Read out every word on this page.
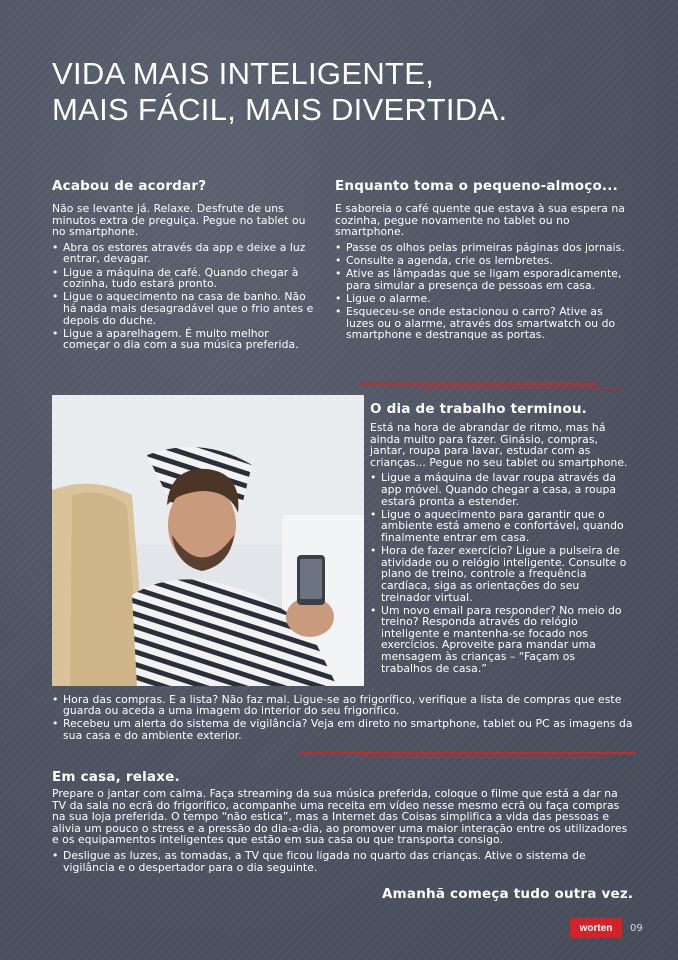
VIDA MAIS INTELIGENTE,
MAIS FÁCIL, MAIS DIVERTIDA.
Acabou de acordar?

Não se levante já. Relaxe. Desfrute de uns minutos extra de preguiça. Pegue no tablet ou no smartphone.

• Abra os estores através da app e deixe a luz entrar, devagar.
• Ligue a máquina de café. Quando chegar à cozinha, tudo estará pronto.
• Ligue o aquecimento na casa de banho. Não há nada mais desagradável que o frio antes e depois do duche.
• Ligue a aparelhagem. É muito melhor começar o dia com a sua música preferida.
Enquanto toma o pequeno-almoço...

E saboreia o café quente que estava à sua espera na cozinha, pegue novamente no tablet ou no smartphone.

• Passe os olhos pelas primeiras páginas dos jornais.
• Consulte a agenda, crie os lembretes.
• Ative as lâmpadas que se ligam esporadicamente, para simular a presença de pessoas em casa.
• Ligue o alarme.
• Esqueceu-se onde estacionou o carro? Ative as luzes ou o alarme, através dos smartwatch ou do smartphone e destranque as portas.
O dia de trabalho terminou.

Está na hora de abrandar de ritmo, mas há ainda muito para fazer. Ginásio, compras, jantar, roupa para lavar, estudar com as crianças... Pegue no seu tablet ou smartphone.

• Ligue a máquina de lavar roupa através da app móvel. Quando chegar a casa, a roupa estará pronta a estender.
• Ligue o aquecimento para garantir que o ambiente está ameno e confortável, quando finalmente entrar em casa.
• Hora de fazer exercício? Ligue a pulseira de atividade ou o relógio inteligente. Consulte o plano de treino, controle a frequência cardíaca, siga as orientações do seu treinador virtual.
• Um novo email para responder? No meio do treino? Responda através do relógio inteligente e mantenha-se focado nos exercícios. Aproveite para mandar uma mensagem às crianças – “Façam os trabalhos de casa.”
• Hora das compras. E a lista? Não faz mal. Ligue-se ao frigorífico, verifique a lista de compras que este guarda ou aceda a uma imagem do interior do seu frigorífico.
• Recebeu um alerta do sistema de vigilância? Veja em direto no smartphone, tablet ou PC as imagens da sua casa e do ambiente exterior.
Em casa, relaxe.

Prepare o jantar com calma. Faça streaming da sua música preferida, coloque o filme que está a dar na TV da sala no ecrã do frigorífico, acompanhe uma receita em vídeo nesse mesmo ecrã ou faça compras na sua loja preferida. O tempo “não estica”, mas a Internet das Coisas simplifica a vida das pessoas e alivia um pouco o stress e a pressão do dia-a-dia, ao promover uma maior interação entre os utilizadores e os equipamentos inteligentes que estão em sua casa ou que transporta consigo.

• Desligue as luzes, as tomadas, a TV que ficou ligada no quarto das crianças. Ative o sistema de vigilância e o despertador para o dia seguinte.
Amanhã começa tudo outra vez.
worten 09
